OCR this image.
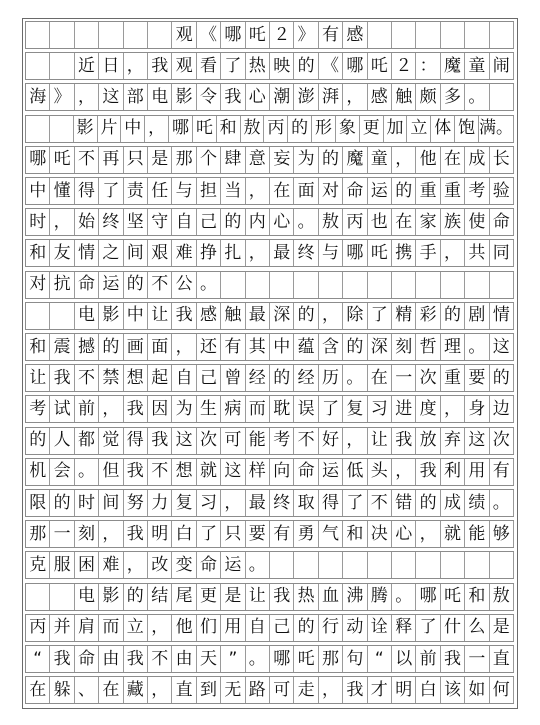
观 《 哪 吒 ２ 》 有 感

近 日 ， 我 观 看 了 热 映 的 《 哪 吒 ２ ： 魔 童 闹
海 》 ， 这 部 电 影 令 我 心 潮 澎 湃 ， 感 触 颇 多 。

影 片 中 ， 哪 吒 和 敖 丙 的 形 象 更 加 立 体 饱 满。
哪 吒 不 再 只 是 那 个 肆 意 妄 为 的 魔 童 ， 他 在 成 长
中 懂 得 了 责 任 与 担 当 ， 在 面 对 命 运 的 重 重 考 验
时 ， 始 终 坚 守 自 己 的 内 心 。 敖 丙 也 在 家 族 使 命
和 友 情 之 间 艰 难 挣 扎 ， 最 终 与 哪 吒 携 手 ， 共 同
对 抗 命 运 的 不 公 。

电 影 中 让 我 感 触 最 深 的 ， 除 了 精 彩 的 剧 情
和 震 撼 的 画 面 ， 还 有 其 中 蕴 含 的 深 刻 哲 理 。 这
让 我 不 禁 想 起 自 己 曾 经 的 经 历 。 在 一 次 重 要 的
考 试 前 ， 我 因 为 生 病 而 耽 误 了 复 习 进 度 ， 身 边
的 人 都 觉 得 我 这 次 可 能 考 不 好 ， 让 我 放 弃 这 次
机 会 。 但 我 不 想 就 这 样 向 命 运 低 头 ， 我 利 用 有
限 的 时 间 努 力 复 习 ， 最 终 取 得 了 不 错 的 成 绩 。
那 一 刻 ， 我 明 白 了 只 要 有 勇 气 和 决 心 ， 就 能 够
克 服 困 难 ， 改 变 命 运 。

电 影 的 结 尾 更 是 让 我 热 血 沸 腾 。 哪 吒 和 敖
丙 并 肩 而 立 ， 他 们 用 自 己 的 行 动 诠 释 了 什 么 是
“ 我 命 由 我 不 由 天 ” 。 哪 吒 那 句 “ 以 前 我 一 直
在 躲 、 在 藏 ， 直 到 无 路 可 走 ， 我 才 明 白 该 如 何
